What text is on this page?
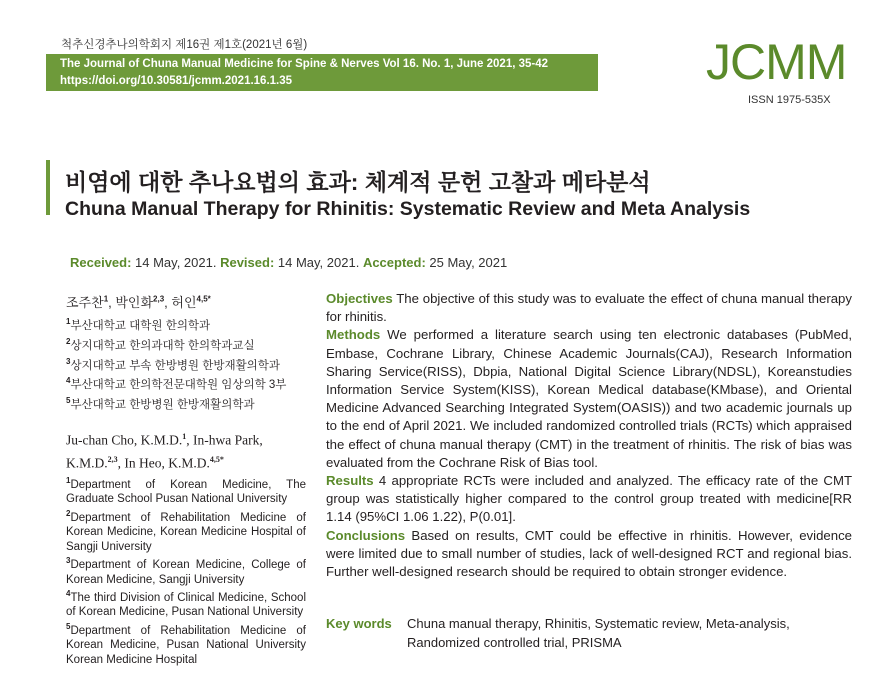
척추신경추나의학회지 제16권 제1호(2021년 6월)
The Journal of Chuna Manual Medicine for Spine & Nerves Vol 16. No. 1, June 2021, 35-42
https://doi.org/10.30581/jcmm.2021.16.1.35	JCMM
ISSN 1975-535X
비염에 대한 추나요법의 효과: 체계적 문헌 고찰과 메타분석
Chuna Manual Therapy for Rhinitis: Systematic Review and Meta Analysis
Received: 14 May, 2021. Revised: 14 May, 2021. Accepted: 25 May, 2021
조주찬$^1$, 박인화$^{2,3}$, 허인$^{4,5*}$
$^1$부산대학교 대학원 한의학과
$^2$상지대학교 한의과대학 한의학과교실
$^3$상지대학교 부속 한방병원 한방재활의학과
$^4$부산대학교 한의학전문대학원 임상의학 3부
$^5$부산대학교 한방병원 한방재활의학과
Ju-chan Cho, K.M.D.$^1$, In-hwa Park, K.M.D.$^{2,3}$, In Heo, K.M.D.$^{4,5*}$
$^1$Department of Korean Medicine, The Graduate School Pusan National University
$^2$Department of Rehabilitation Medicine of Korean Medicine, Korean Medicine Hospital of Sangji University
$^3$Department of Korean Medicine, College of Korean Medicine, Sangji University
$^4$The third Division of Clinical Medicine, School of Korean Medicine, Pusan National University
$^5$Department of Rehabilitation Medicine of Korean Medicine, Pusan National University Korean Medicine Hospital
Objectives The objective of this study was to evaluate the effect of chuna manual therapy for rhinitis.
Methods We performed a literature search using ten electronic databases (PubMed, Embase, Cochrane Library, Chinese Academic Journals(CAJ), Research Information Sharing Service(RISS), Dbpia, National Digital Science Library(NDSL), Koreanstudies Information Service System(KISS), Korean Medical database(KMbase), and Oriental Medicine Advanced Searching Integrated System(OASIS)) and two academic journals up to the end of April 2021. We included randomized controlled trials (RCTs) which appraised the effect of chuna manual therapy (CMT) in the treatment of rhinitis. The risk of bias was evaluated from the Cochrane Risk of Bias tool.
Results 4 appropriate RCTs were included and analyzed. The efficacy rate of the CMT group was statistically higher compared to the control group treated with medicine[RR 1.14 (95%CI 1.06 1.22), P(0.01].
Conclusions Based on results, CMT could be effective in rhinitis. However, evidence were limited due to small number of studies, lack of well-designed RCT and regional bias. Further well-designed research should be required to obtain stronger evidence.
Key words Chuna manual therapy, Rhinitis, Systematic review, Meta-analysis,
Randomized controlled trial, PRISMA
